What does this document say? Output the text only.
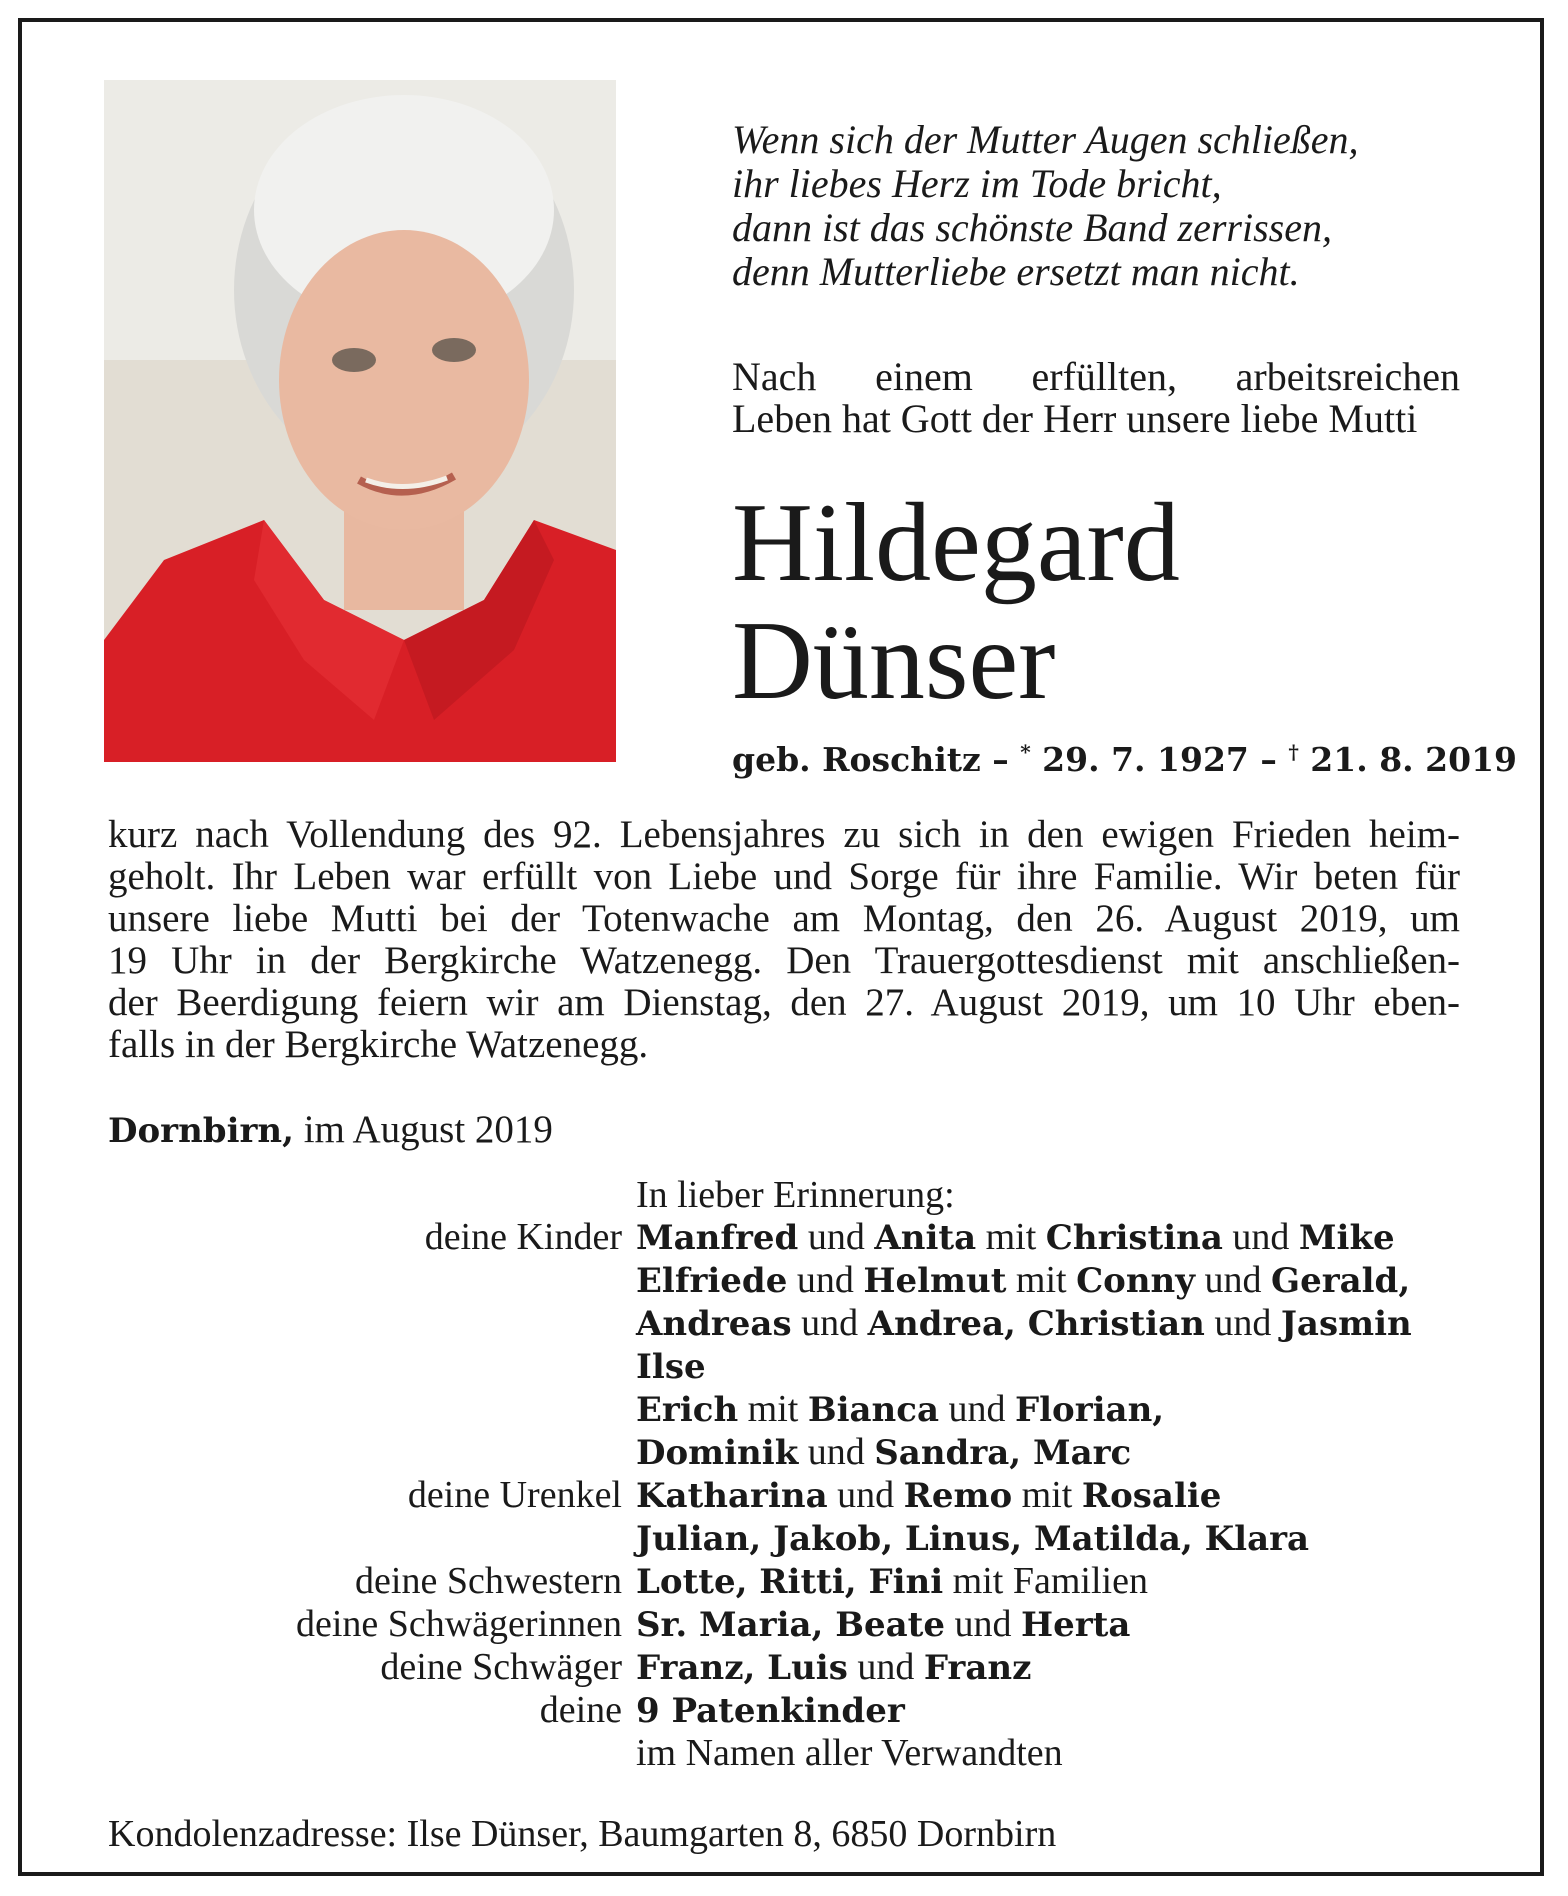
Wenn sich der Mutter Augen schließen,
ihr liebes Herz im Tode bricht,
dann ist das schönste Band zerrissen,
denn Mutterliebe ersetzt man nicht.
Nach einem erfüllten, arbeitsreichen
Leben hat Gott der Herr unsere liebe Mutti
Hildegard
Dünser
geb. Roschitz – * 29. 7. 1927 – † 21. 8. 2019
kurz nach Vollendung des 92. Lebensjahres zu sich in den ewigen Frieden heim-
geholt. Ihr Leben war erfüllt von Liebe und Sorge für ihre Familie. Wir beten für
unsere liebe Mutti bei der Totenwache am Montag, den 26. August 2019, um
19 Uhr in der Bergkirche Watzenegg. Den Trauergottesdienst mit anschließen-
der Beerdigung feiern wir am Dienstag, den 27. August 2019, um 10 Uhr eben-
falls in der Bergkirche Watzenegg.
Dornbirn, im August 2019
In lieber Erinnerung:
deine Kinder Manfred und Anita mit Christina und Mike
Elfriede und Helmut mit Conny und Gerald,
Andreas und Andrea, Christian und Jasmin
Ilse
Erich mit Bianca und Florian,
Dominik und Sandra, Marc
deine Urenkel Katharina und Remo mit Rosalie
Julian, Jakob, Linus, Matilda, Klara
deine Schwestern Lotte, Ritti, Fini mit Familien
deine Schwägerinnen Sr. Maria, Beate und Herta
deine Schwäger Franz, Luis und Franz
deine 9 Patenkinder
im Namen aller Verwandten
Kondolenzadresse: Ilse Dünser, Baumgarten 8, 6850 Dornbirn
